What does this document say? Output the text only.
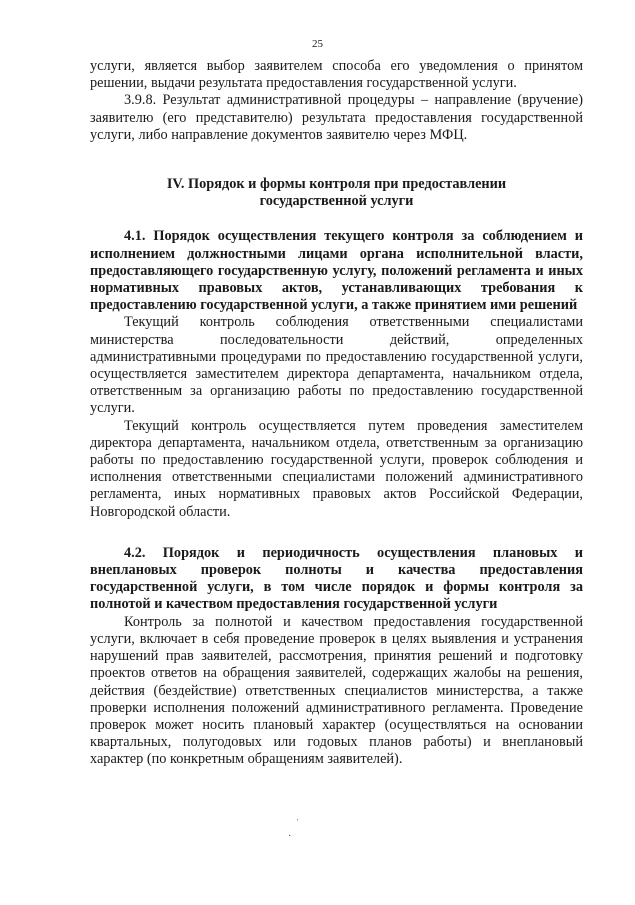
25

услуги, является выбор заявителем способа его уведомления о принятом решении, выдачи результата предоставления государственной услуги.

3.9.8. Результат административной процедуры – направление (вручение) заявителю (его представителю) результата предоставления государственной услуги, либо направление документов заявителю через МФЦ.

IV. Порядок и формы контроля при предоставлении государственной услуги

4.1. Порядок осуществления текущего контроля за соблюдением и исполнением должностными лицами органа исполнительной власти, предоставляющего государственную услугу, положений регламента и иных нормативных правовых актов, устанавливающих требования к предоставлению государственной услуги, а также принятием ими решений

Текущий контроль соблюдения ответственными специалистами министерства последовательности действий, определенных административными процедурами по предоставлению государственной услуги, осуществляется заместителем директора департамента, начальником отдела, ответственным за организацию работы по предоставлению государственной услуги.

Текущий контроль осуществляется путем проведения заместителем директора департамента, начальником отдела, ответственным за организацию работы по предоставлению государственной услуги, проверок соблюдения и исполнения ответственными специалистами положений административного регламента, иных нормативных правовых актов Российской Федерации, Новгородской области.

4.2. Порядок и периодичность осуществления плановых и внеплановых проверок полноты и качества предоставления государственной услуги, в том числе порядок и формы контроля за полнотой и качеством предоставления государственной услуги

Контроль за полнотой и качеством предоставления государственной услуги, включает в себя проведение проверок в целях выявления и устранения нарушений прав заявителей, рассмотрения, принятия решений и подготовку проектов ответов на обращения заявителей, содержащих жалобы на решения, действия (бездействие) ответственных специалистов министерства, а также проверки исполнения положений административного регламента. Проведение проверок может носить плановый характер (осуществляться на основании квартальных, полугодовых или годовых планов работы) и внеплановый характер (по конкретным обращениям заявителей).

ˈ
·
